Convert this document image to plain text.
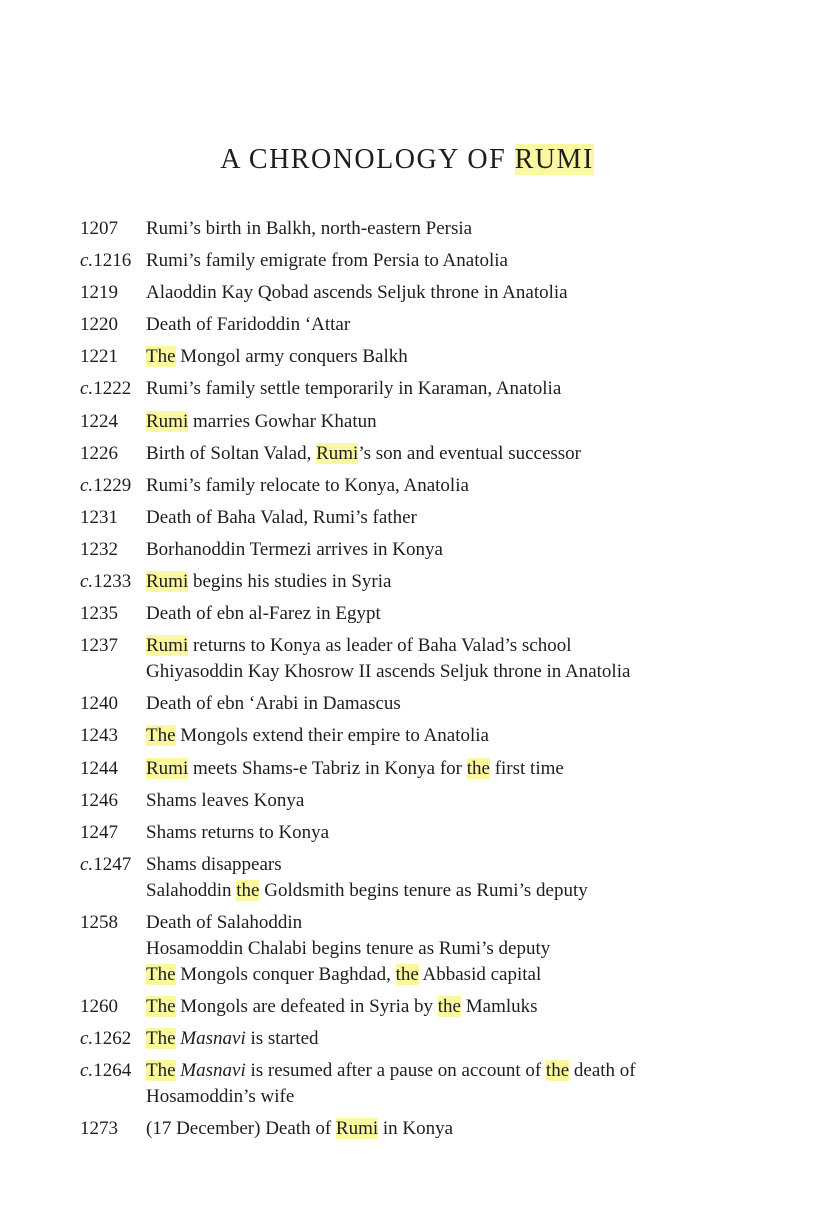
A CHRONOLOGY OF RUMI
1207	Rumi’s birth in Balkh, north-eastern Persia
c.1216 Rumi’s family emigrate from Persia to Anatolia
1219	Alaoddin Kay Qobad ascends Seljuk throne in Anatolia
1220	Death of Faridoddin ‘Attar
1221	The Mongol army conquers Balkh
c.1222 Rumi’s family settle temporarily in Karaman, Anatolia
1224	Rumi marries Gowhar Khatun
1226	Birth of Soltan Valad, Rumi’s son and eventual successor
c.1229 Rumi’s family relocate to Konya, Anatolia
1231	Death of Baha Valad, Rumi’s father
1232	Borhanoddin Termezi arrives in Konya
c.1233 Rumi begins his studies in Syria
1235	Death of ebn al-Farez in Egypt
1237	Rumi returns to Konya as leader of Baha Valad’s school
Ghiyasoddin Kay Khosrow II ascends Seljuk throne in Anatolia
1240	Death of ebn ‘Arabi in Damascus
1243	The Mongols extend their empire to Anatolia
1244	Rumi meets Shams-e Tabriz in Konya for the first time
1246	Shams leaves Konya
1247	Shams returns to Konya
c.1247 Shams disappears
Salahoddin the Goldsmith begins tenure as Rumi’s deputy
1258	Death of Salahoddin
Hosamoddin Chalabi begins tenure as Rumi’s deputy
The Mongols conquer Baghdad, the Abbasid capital
1260	The Mongols are defeated in Syria by the Mamluks
c.1262 The Masnavi is started
c.1264 The Masnavi is resumed after a pause on account of the death of Hosamoddin’s wife
1273	(17 December) Death of Rumi in Konya
